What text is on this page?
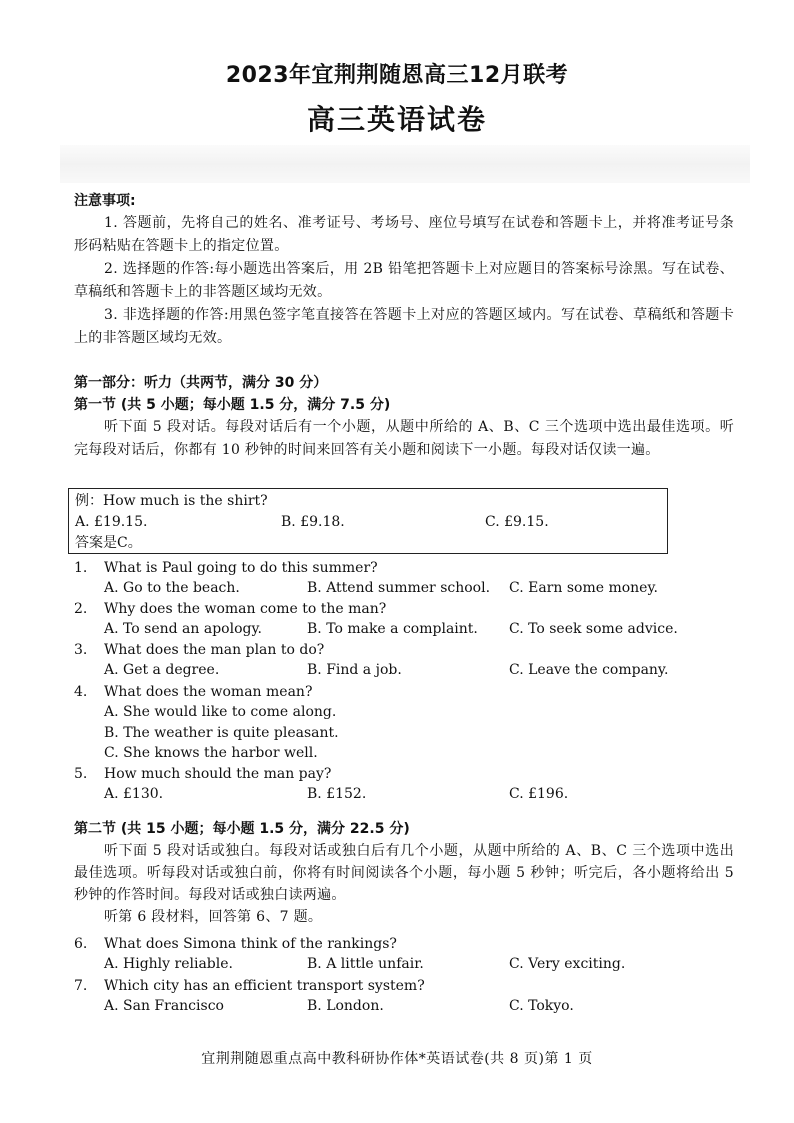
2023年宜荆荆随恩高三12月联考
高三英语试卷
注意事项:

1. 答题前，先将自己的姓名、准考证号、考场号、座位号填写在试卷和答题卡上，并将准考证号条形码粘贴在答题卡上的指定位置。

2. 选择题的作答:每小题选出答案后，用 2B 铅笔把答题卡上对应题目的答案标号涂黑。写在试卷、草稿纸和答题卡上的非答题区域均无效。

3. 非选择题的作答:用黑色签字笔直接答在答题卡上对应的答题区域内。写在试卷、草稿纸和答题卡上的非答题区域均无效。

第一部分：听力（共两节，满分 30 分）
第一节 (共 5 小题；每小题 1.5 分，满分 7.5 分)

听下面 5 段对话。每段对话后有一个小题，从题中所给的 A、B、C 三个选项中选出最佳选项。听完每段对话后，你都有 10 秒钟的时间来回答有关小题和阅读下一小题。每段对话仅读一遍。

例：How much is the shirt?
A. £19.15.	B. £9.18.	C. £9.15.
答案是C。
1. What is Paul going to do this summer?
A. Go to the beach.	B. Attend summer school. C. Earn some money.
2. Why does the woman come to the man?
A. To send an apology.	B. To make a complaint. C. To seek some advice.
3. What does the man plan to do?
A. Get a degree.	B. Find a job.	C. Leave the company.
4. What does the woman mean?
A. She would like to come along.
B. The weather is quite pleasant.
C. She knows the harbor well.
5. How much should the man pay?
A. £130.	B. £152.	C. £196.
第二节 (共 15 小题；每小题 1.5 分，满分 22.5 分)

听下面 5 段对话或独白。每段对话或独白后有几个小题，从题中所给的 A、B、C 三个选项中选出最佳选项。听每段对话或独白前，你将有时间阅读各个小题，每小题 5 秒钟；听完后，各小题将给出 5 秒钟的作答时间。每段对话或独白读两遍。

听第 6 段材料，回答第 6、7 题。

6. What does Simona think of the rankings?
A. Highly reliable.	B. A little unfair.	C. Very exciting.
7. Which city has an efficient transport system?
A. San Francisco	B. London.	C. Tokyo.
宜荆荆随恩重点高中教科研协作体*英语试卷(共 8 页)第 1 页
